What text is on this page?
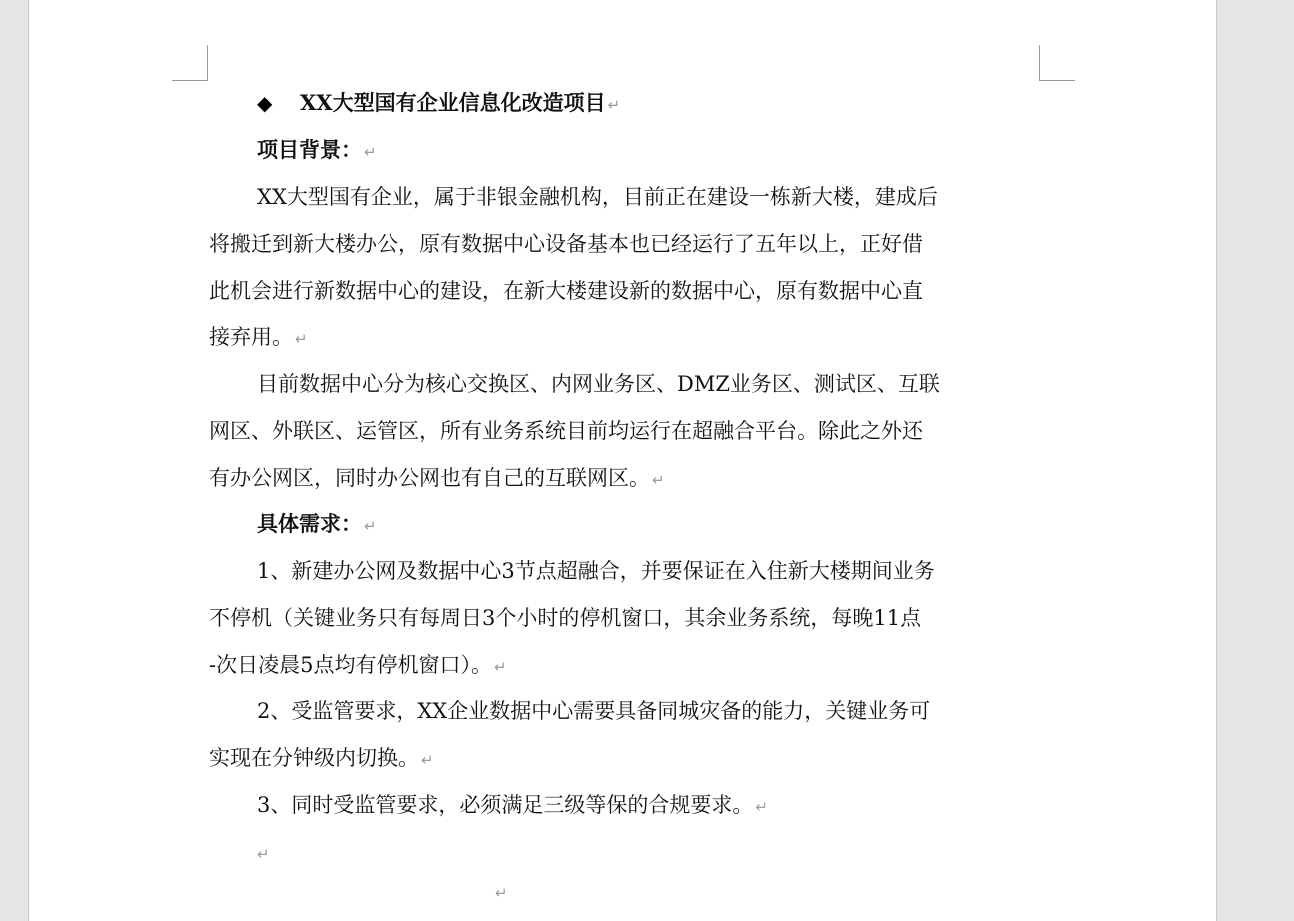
◆ XX大型国有企业信息化改造项目 ↵
项目背景： ↵
XX大型国有企业，属于非银金融机构，目前正在建设一栋新大楼，建成后
将搬迁到新大楼办公，原有数据中心设备基本也已经运行了五年以上，正好借
此机会进行新数据中心的建设，在新大楼建设新的数据中心，原有数据中心直
接弃用。 ↵
目前数据中心分为核心交换区、内网业务区、DMZ业务区、测试区、互联
网区、外联区、运管区，所有业务系统目前均运行在超融合平台。除此之外还
有办公网区，同时办公网也有自己的互联网区。 ↵
具体需求： ↵
1、新建办公网及数据中心3节点超融合，并要保证在入住新大楼期间业务
不停机（关键业务只有每周日3个小时的停机窗口，其余业务系统，每晚11点
-次日凌晨5点均有停机窗口）。 ↵
2、受监管要求，XX企业数据中心需要具备同城灾备的能力，关键业务可
实现在分钟级内切换。 ↵
3、同时受监管要求，必须满足三级等保的合规要求。 ↵
↵
↵
